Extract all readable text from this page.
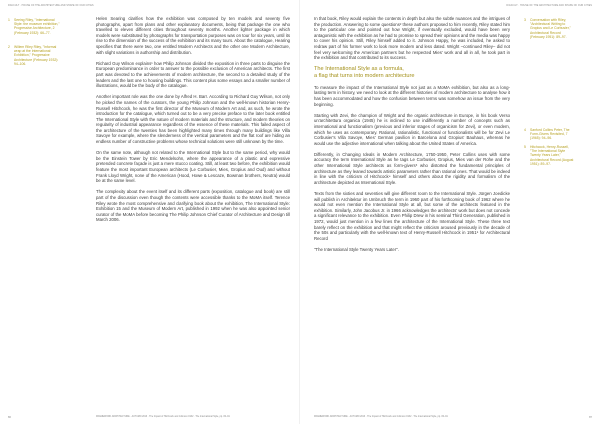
DIGICULT · HOUSE OF THE ARCHITECTURE AND SHAPE OF OUR CITIES
1 Seeing Riley, "International Style: the museum exhibition," Progressive Architecture, 2 (February 1932): 66–77.
2 Willem Riley Riley, "Informal wrap at the International Exhibition," Progressive Architecture (February 1932): 94–106.

Helen Searing clarifies how the exhibition was composed by ten models and seventy five photographs, apart from plans and other explanatory documents, being that package the one who travelled to eleven different cities throughout seventy months. Another lighter package in which models were substituted by photographs for transportation purposes was on tour for six years, until its rise to the dimension of the success of the exhibition and its many tours. About the catalogue, Hearing specifies that there were two, one entitled Modern Architects and the other one Modern Architecture, with slight variations in authorship and distribution.

Richard Guy Wilson explains¹ how Philip Johnson divided the exposition in three parts to disguise the European predominance in order to answer to the possible exclusion of American architects. The first part was devoted to the achievements of modern architecture, the second to a detailed study of the leaders and the last one to housing buildings. This content plus some essays and a smaller number of illustrations, would be the body of the catalogue.

Another important role was the one done by Alfred H. Barr. According to Richard Guy Wilson, not only he picked the names of the curators, the young Philip Johnson and the well-known historian Henry-Russell Hitchcock, he was the first director of the Museum of Modern Art and, as such, he wrote the introduction for the catalogue, which turned out to be a very precise preface to the later book entitled The International Style with the nature of modern materials and the structure, and modern theories on regularity of industrial appearance regardless of the essence of these materials. This failed aspect of the architecture of the twenties has been highlighted many times through many buildings like Villa Savoye for example, where the slenderness of the vertical parameters and the flat roof are hiding an endless number of constructive problems whose technical solutions were still unknown by the time.

On the same note, although not related to the International Style but to the same period, why would be the Einstein Tower by Eric Mendelsohn, where the appearance of a plastic and expressive pretended concrete façade is just a mere stucco coating. Still, at least two before, the exhibition would feature the most important European architects (Le Corbusier, Mies, Gropius and Oud) and without Frank Lloyd Wright, none of the American (Hood, Howe & Lescaze, Bowman brothers, Neutra) would be at the same level.

The complexity about the event itself and its different parts (exposition, catalogue and book) are still part of the discussion even though the contents were accessible thanks to the MoMA itself. Terence Riley wrote the most comprehensive and clarifying book about the exhibition, The International Style: Exhibition 15 and the Museum of Modern Art, published in 1992 when he was also appointed senior curator of the MoMA before becoming The Philip Johnson Chief Curator of Architecture and Design till March 2006.

86	FRAMEWORK ARCHITECTURE · AUTUMN 2013 · The Impact of Hitchcock and Johnson 1932 · The International Style, pp. 84–91
DIGICULT · HOUSE OF THE ARCHITECTURE AND SHAPE OF OUR CITIES

In that book, Riley would explain the contents in depth but also the subtle nuances and the intrigues of the production. Answering to some questions² these authors proposed to him recently, Riley stated him to the particular one and pointed out how Wright, if eventually excluded, would have been very antagonistic with the exhibition as he had to promise to spread their opinions and the media was happy to cover his opinion. Still, Riley himself added to it. Johnson Happy, he was included, he asked to redraw part of his former work to look more modern and less dated. Wright –continued Riley– did not feel very welcoming the American partners but he respected Mies' work and all in all, he took part in the exhibition and that contributed to its success.

The International Style as a formula,
a flag that turns into modern architecture

To measure the impact of the International Style not just as a MoMA exhibition, but also as a long-lasting term in history, we need to look at the different histories of modern architecture to analyse how it has been accommodated and how the confusion between terms was somehow an issue from the very beginning.

Starting with Zevi, the champion of Wright and the organic architecture in Europe, in his book Verso un'architettura organica (1945) he is inclined to use indifferently a number of concepts such as international and functionalism (previous and inferior stages of organicism for Zevi), or even modern, which he uses as contemporary. Rational, rationalistic, functional or functionalists will be for Zevi Le Corbusier's Villa Savoye, Mies' German pavilion in Barcelona and Gropius' Bauhaus, whereas he would use the adjective international when talking about the United States of America.

Differently, in Changing Ideals in Modern Architecture, 1750-1950, Peter Collins uses with some accuracy the term International Style as he tags Le Corbusier, Gropius, Mies van der Rohe and the other International Style architects as form-givers³ who distorted the fundamental principles of architecture as they leaned towards artistic parameters rather than rational ones. That would be indeed in line with the criticism of Hitchcock⁴ himself and others about the rigidity and formalism of the architecture depicted as International Style.

Texts from the sixties and seventies will give different room to the International Style. Jürgen Joedicke will publish in Architektur im Umbruch the term in 1960 part of his forthcoming book of 1962 where he would not even mention the International Style at all, but some of the architects featured in the exhibition. Similarly, John Jacobus Jr. in 1966 acknowledges the architects' work but does not concede a significant relevance to the exhibition. Even Philip Drew in his seminal Third Generation, published in 1972, would just mention in a few lines the architecture of the International Style. These three text barely reflect on the exhibition and that might reflect the criticism aroused previously in the decade of the 50s and particularly with the well-known text of Henry-Russell Hitchcock in 1951⁵ for Architectural Record

"The International Style Twenty Years Later".

3 Conversation with Riley, "Architectural Writing to Gropius and Le Corbusier," Architectural Record (February 1951): 89–97.
4 Sanford Collins Peter, The Form-Givers Revisited, 7 (1965): 94–96.
5 Hitchcock, Henry-Russell, "The International Style Twenty Years Later," Architectural Record (August 1951): 89–97.
FRAMEWORK ARCHITECTURE · AUTUMN 2013 · The Impact of Hitchcock and Johnson 1932 · The International Style, pp. 84–91	87
